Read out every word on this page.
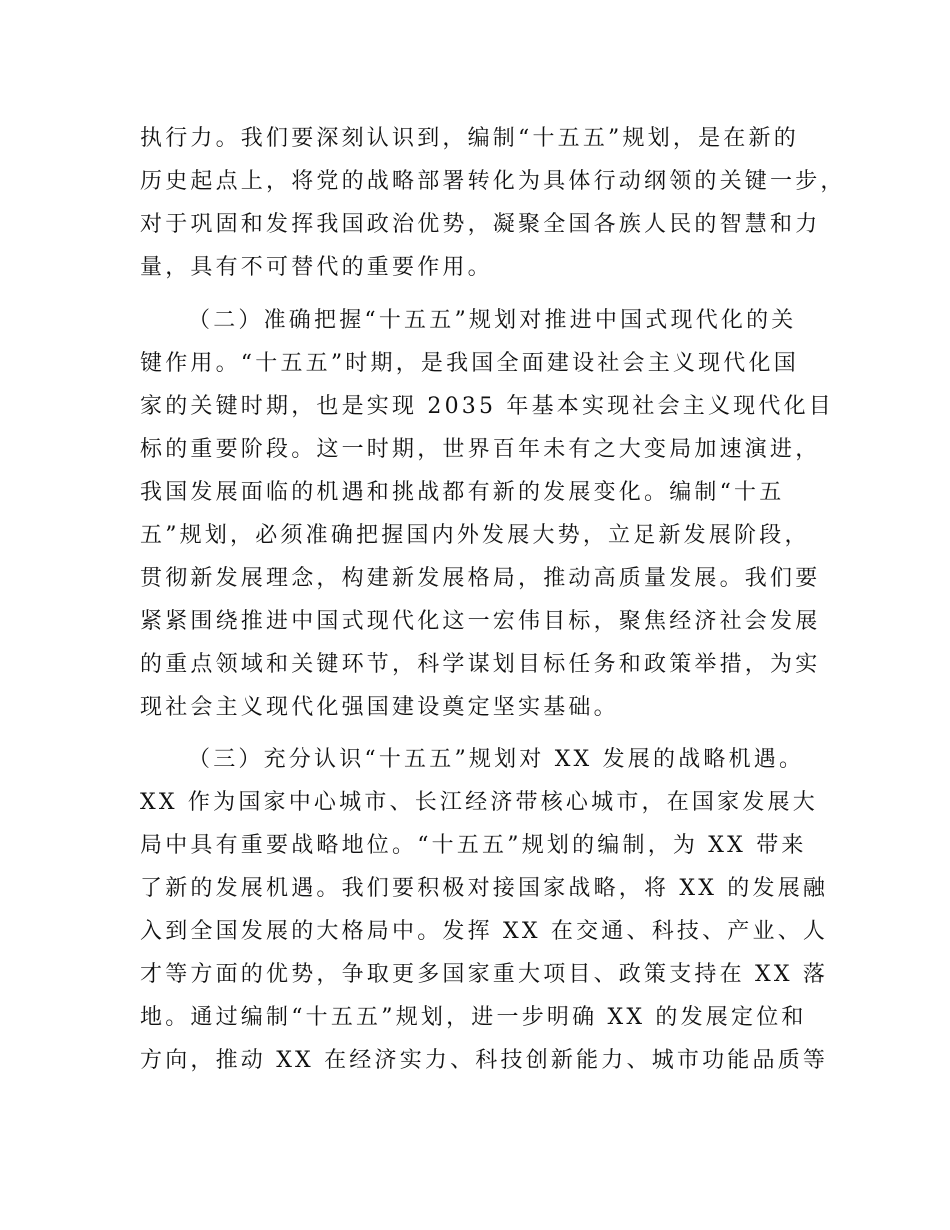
执行力。我们要深刻认识到，编制“十五五”规划，是在新的
历史起点上，将党的战略部署转化为具体行动纲领的关键一步，
对于巩固和发挥我国政治优势，凝聚全国各族人民的智慧和力
量，具有不可替代的重要作用。
（二）准确把握“十五五”规划对推进中国式现代化的关
键作用。“十五五”时期，是我国全面建设社会主义现代化国
家的关键时期，也是实现 2035 年基本实现社会主义现代化目
标的重要阶段。这一时期，世界百年未有之大变局加速演进，
我国发展面临的机遇和挑战都有新的发展变化。编制“十五
五”规划，必须准确把握国内外发展大势，立足新发展阶段，
贯彻新发展理念，构建新发展格局，推动高质量发展。我们要
紧紧围绕推进中国式现代化这一宏伟目标，聚焦经济社会发展
的重点领域和关键环节，科学谋划目标任务和政策举措，为实
现社会主义现代化强国建设奠定坚实基础。
（三）充分认识“十五五”规划对 XX 发展的战略机遇。
XX 作为国家中心城市、长江经济带核心城市，在国家发展大
局中具有重要战略地位。“十五五”规划的编制，为 XX 带来
了新的发展机遇。我们要积极对接国家战略，将 XX 的发展融
入到全国发展的大格局中。发挥 XX 在交通、科技、产业、人
才等方面的优势，争取更多国家重大项目、政策支持在 XX 落
地。通过编制“十五五”规划，进一步明确 XX 的发展定位和
方向，推动 XX 在经济实力、科技创新能力、城市功能品质等
